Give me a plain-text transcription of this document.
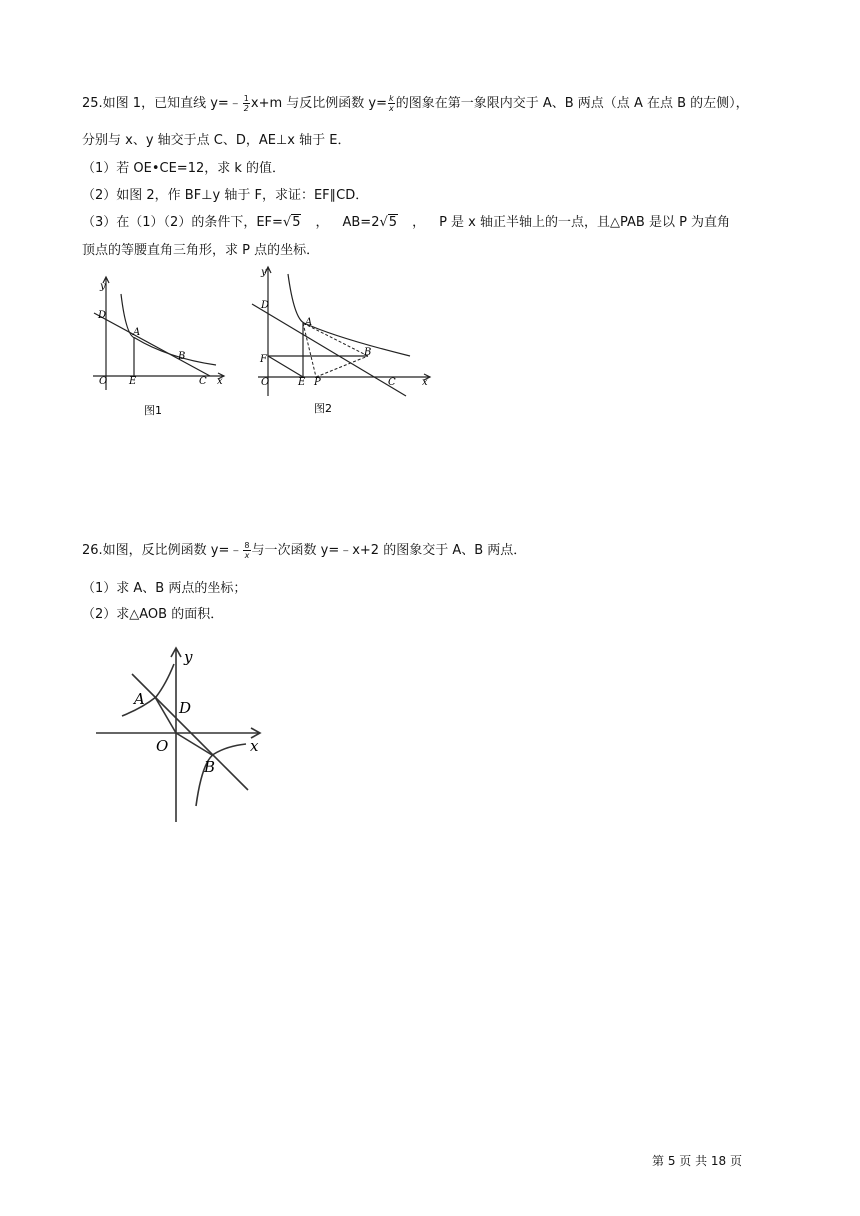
25.如图 1，已知直线 y=﹣ $\frac{1}{2} x+m$ 与反比例函数 $y= \frac{k}{x}$ 的图象在第一象限内交于 A、B 两点（点 A 在点 B 的左侧），
分别与 x、y 轴交于点 C、D，AE⊥x 轴于 E．
（1）若 OE•CE=12，求 k 的值．
（2）如图 2，作 BF⊥y 轴于 F，求证：EF∥CD．
（3）在（1）（2）的条件下，EF=√5 ， AB=2√5 ， P 是 x 轴正半轴上的一点，且△PAB 是以 P 为直角
顶点的等腰直角三角形，求 P 点的坐标．
y
D
A
B
O E	C x
图1
y
D
A
B
F
O	E P	C	x
图2
26.如图，反比例函数 y=﹣ $\frac{8}{x}$ 与一次函数 y=﹣x+2 的图象交于 A、B 两点．
（1）求 A、B 两点的坐标；
（2）求△AOB 的面积．
A D
O	x
B
y
第 5 页 共 18 页
